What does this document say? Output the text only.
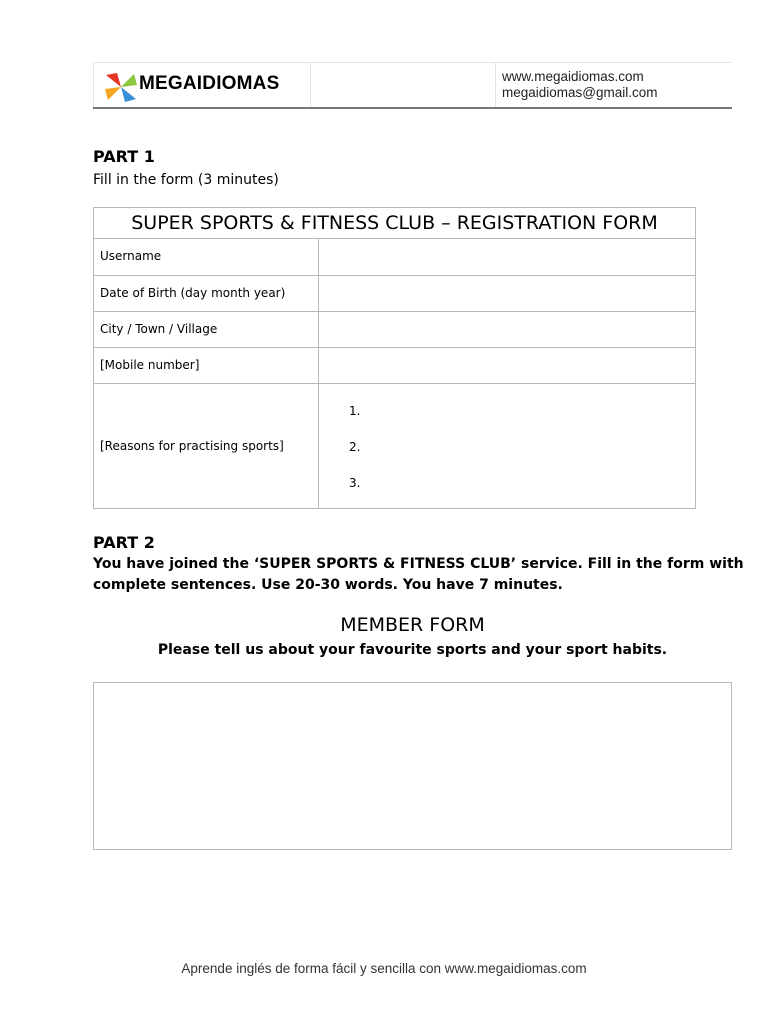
MEGAIDIOMAS	www.megaidiomas.com
megaidiomas@gmail.com
PART 1
Fill in the form (3 minutes)
SUPER SPORTS & FITNESS CLUB – REGISTRATION FORM
Username
Date of Birth (day month year)
City / Town / Village
[Mobile number]
[Reasons for practising sports]
1.
2.
3.
PART 2
You have joined the ‘SUPER SPORTS & FITNESS CLUB’ service. Fill in the form with
complete sentences. Use 20-30 words. You have 7 minutes.
MEMBER FORM
Please tell us about your favourite sports and your sport habits.
Aprende inglés de forma fácil y sencilla con www.megaidiomas.com
